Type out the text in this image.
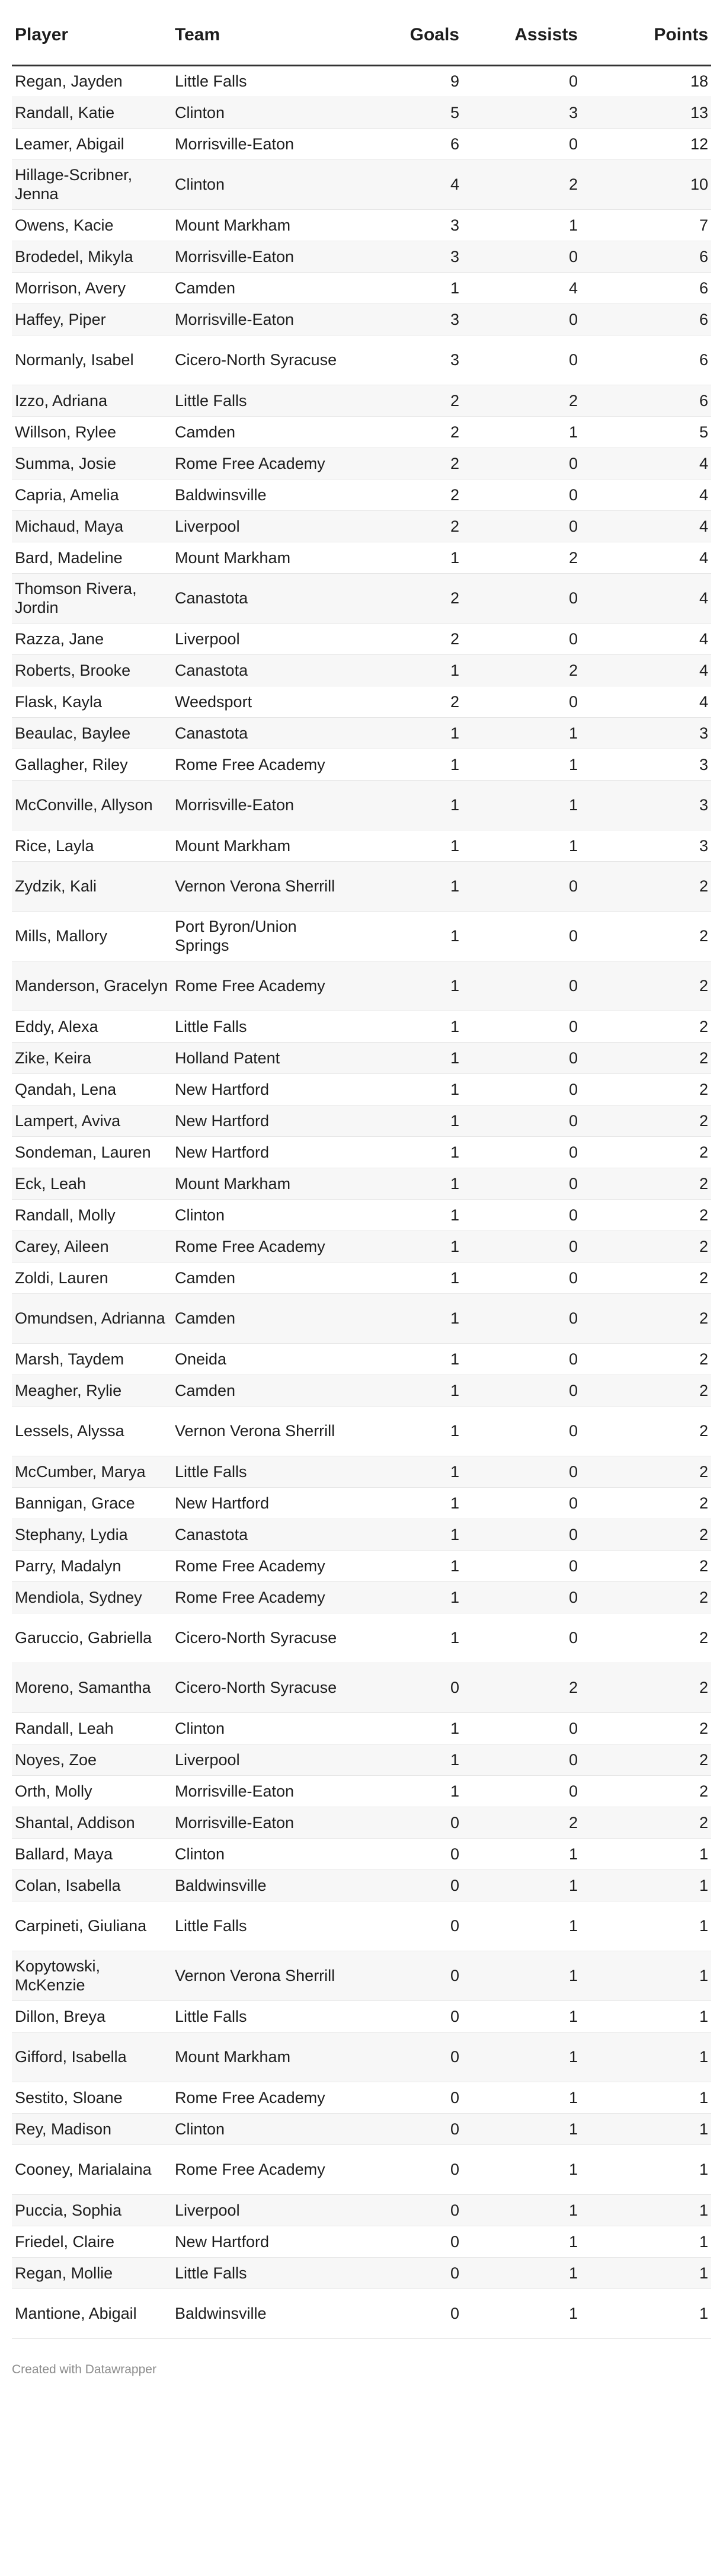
Player	Team	Goals	Assists	Points
Regan, Jayden	Little Falls	9	0	18
Randall, Katie	Clinton	5	3	13
Leamer, Abigail	Morrisville-Eaton	6	0	12
Hillage-Scribner, Jenna	Clinton	4	2	10
Owens, Kacie	Mount Markham	3	1	7
Brodedel, Mikyla	Morrisville-Eaton	3	0	6
Morrison, Avery	Camden	1	4	6
Haffey, Piper	Morrisville-Eaton	3	0	6
Normanly, Isabel	Cicero-North Syracuse	3	0	6
Izzo, Adriana	Little Falls	2	2	6
Willson, Rylee	Camden	2	1	5
Summa, Josie	Rome Free Academy	2	0	4
Capria, Amelia	Baldwinsville	2	0	4
Michaud, Maya	Liverpool	2	0	4
Bard, Madeline	Mount Markham	1	2	4
Thomson Rivera, Jordin	Canastota	2	0	4
Razza, Jane	Liverpool	2	0	4
Roberts, Brooke	Canastota	1	2	4
Flask, Kayla	Weedsport	2	0	4
Beaulac, Baylee	Canastota	1	1	3
Gallagher, Riley	Rome Free Academy	1	1	3
McConville, Allyson	Morrisville-Eaton	1	1	3
Rice, Layla	Mount Markham	1	1	3
Zydzik, Kali	Vernon Verona Sherrill	1	0	2
Mills, Mallory	Port Byron/Union Springs	1	0	2
Manderson, Gracelyn	Rome Free Academy	1	0	2
Eddy, Alexa	Little Falls	1	0	2
Zike, Keira	Holland Patent	1	0	2
Qandah, Lena	New Hartford	1	0	2
Lampert, Aviva	New Hartford	1	0	2
Sondeman, Lauren	New Hartford	1	0	2
Eck, Leah	Mount Markham	1	0	2
Randall, Molly	Clinton	1	0	2
Carey, Aileen	Rome Free Academy	1	0	2
Zoldi, Lauren	Camden	1	0	2
Omundsen, Adrianna	Camden	1	0	2
Marsh, Taydem	Oneida	1	0	2
Meagher, Rylie	Camden	1	0	2
Lessels, Alyssa	Vernon Verona Sherrill	1	0	2
McCumber, Marya	Little Falls	1	0	2
Bannigan, Grace	New Hartford	1	0	2
Stephany, Lydia	Canastota	1	0	2
Parry, Madalyn	Rome Free Academy	1	0	2
Mendiola, Sydney	Rome Free Academy	1	0	2
Garuccio, Gabriella	Cicero-North Syracuse	1	0	2
Moreno, Samantha	Cicero-North Syracuse	0	2	2
Randall, Leah	Clinton	1	0	2
Noyes, Zoe	Liverpool	1	0	2
Orth, Molly	Morrisville-Eaton	1	0	2
Shantal, Addison	Morrisville-Eaton	0	2	2
Ballard, Maya	Clinton	0	1	1
Colan, Isabella	Baldwinsville	0	1	1
Carpineti, Giuliana	Little Falls	0	1	1
Kopytowski, McKenzie	Vernon Verona Sherrill	0	1	1
Dillon, Breya	Little Falls	0	1	1
Gifford, Isabella	Mount Markham	0	1	1
Sestito, Sloane	Rome Free Academy	0	1	1
Rey, Madison	Clinton	0	1	1
Cooney, Marialaina	Rome Free Academy	0	1	1
Puccia, Sophia	Liverpool	0	1	1
Friedel, Claire	New Hartford	0	1	1
Regan, Mollie	Little Falls	0	1	1
Mantione, Abigail	Baldwinsville	0	1	1
Created with Datawrapper
